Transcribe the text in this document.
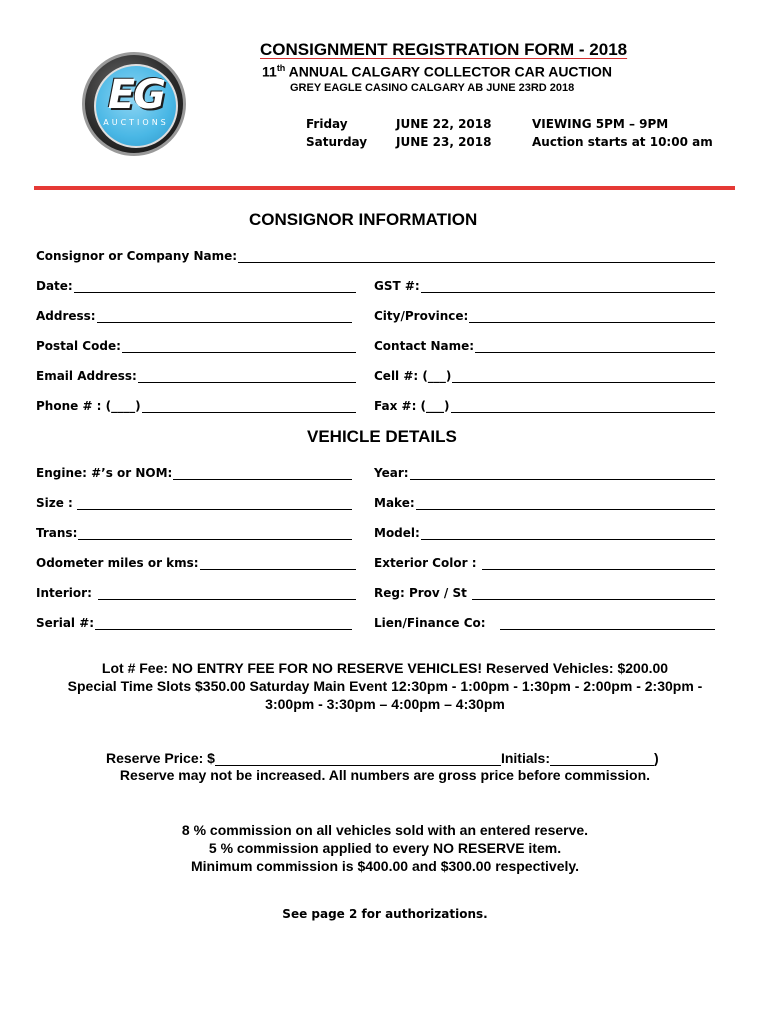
EG
AUCTIONS
CONSIGNMENT REGISTRATION FORM - 2018
11th ANNUAL CALGARY COLLECTOR CAR AUCTION
GREY EAGLE CASINO CALGARY AB JUNE 23RD 2018
Friday	JUNE 22, 2018	VIEWING 5PM – 9PM
Saturday JUNE 23, 2018	Auction starts at 10:00 am
CONSIGNOR INFORMATION
Consignor or Company Name:
Date:	GST #:
Address:	City/Province:
Postal Code:	Contact Name:
Email Address:	Cell #: (___)
Phone # : (____)	Fax #: (___)
VEHICLE DETAILS
Engine: #’s or NOM:	Year:
Size :	Make:
Trans:	Model:
Odometer miles or kms:	Exterior Color :
Interior:	Reg: Prov / St
Serial #:	Lien/Finance Co:
Lot # Fee: NO ENTRY FEE FOR NO RESERVE VEHICLES! Reserved Vehicles: $200.00
Special Time Slots $350.00 Saturday Main Event 12:30pm - 1:00pm - 1:30pm - 2:00pm - 2:30pm -
3:00pm - 3:30pm – 4:00pm – 4:30pm
Reserve Price: $	Initials:	)
Reserve may not be increased. All numbers are gross price before commission.
8 % commission on all vehicles sold with an entered reserve.
5 % commission applied to every NO RESERVE item.
Minimum commission is $400.00 and $300.00 respectively.
See page 2 for authorizations.
